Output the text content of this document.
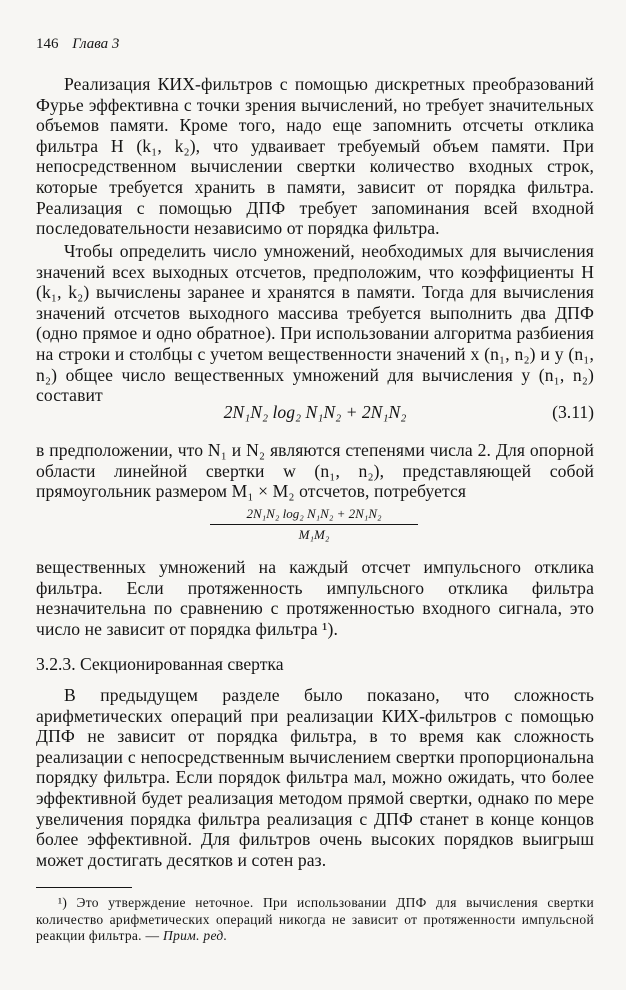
146 Глава 3

Реализация КИХ-фильтров с помощью дискретных преобразований Фурье эффективна с точки зрения вычислений, но требует значительных объемов памяти. Кроме того, надо еще запомнить отсчеты отклика фильтра H (k₁, k₂), что удваивает требуемый объем памяти. При непосредственном вычислении свертки количество входных строк, которые требуется хранить в памяти, зависит от порядка фильтра. Реализация с помощью ДПФ требует запоминания всей входной последовательности независимо от порядка фильтра.

Чтобы определить число умножений, необходимых для вычисления значений всех выходных отсчетов, предположим, что коэффициенты H (k₁, k₂) вычислены заранее и хранятся в памяти. Тогда для вычисления значений отсчетов выходного массива требуется выполнить два ДПФ (одно прямое и одно обратное). При использовании алгоритма разбиения на строки и столбцы с учетом вещественности значений x (n₁, n₂) и y (n₁, n₂) общее число вещественных умножений для вычисления y (n₁, n₂) составит

2N₁N₂ log₂ N₁N₂ + 2N₁N₂	(3.11)

в предположении, что N₁ и N₂ являются степенями числа 2. Для опорной области линейной свертки w (n₁, n₂), представляющей собой прямоугольник размером M₁ × M₂ отсчетов, потребуется

$\frac{\text{2N₁N₂ log₂ N₁N₂ + 2N₁N₂}}{\text{M₁M₂}}$

вещественных умножений на каждый отсчет импульсного отклика фильтра. Если протяженность импульсного отклика фильтра незначительна по сравнению с протяженностью входного сигнала, это число не зависит от порядка фильтра ¹).

3.2.3. Секционированная свертка

В предыдущем разделе было показано, что сложность арифметических операций при реализации КИХ-фильтров с помощью ДПФ не зависит от порядка фильтра, в то время как сложность реализации с непосредственным вычислением свертки пропорциональна порядку фильтра. Если порядок фильтра мал, можно ожидать, что более эффективной будет реализация методом прямой свертки, однако по мере увеличения порядка фильтра реализация с ДПФ станет в конце концов более эффективной. Для фильтров очень высоких порядков выигрыш может достигать десятков и сотен раз.

¹) Это утверждение неточное. При использовании ДПФ для вычисления свертки количество арифметических операций никогда не зависит от протяженности импульсной реакции фильтра. — Прим. ред.
